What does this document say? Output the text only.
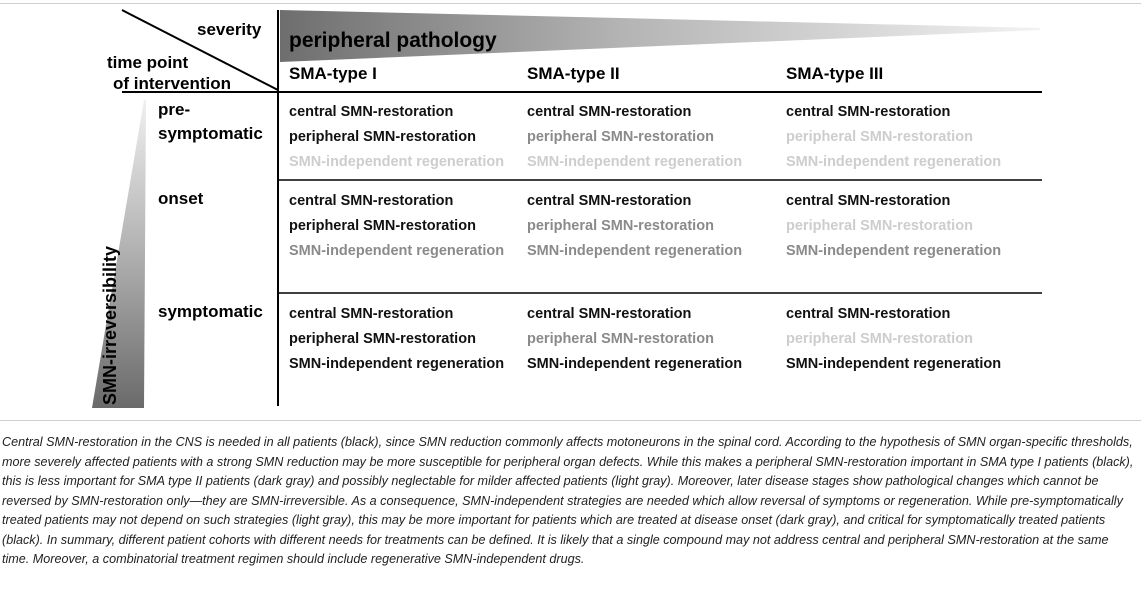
severity
time point
of intervention
peripheral pathology
SMA-type I	SMA-type II	SMA-type III
SMN-irreversibility
pre-
symptomatic
onset
symptomatic
central SMN-restoration
peripheral SMN-restoration
SMN-independent regeneration
central SMN-restoration
peripheral SMN-restoration
SMN-independent regeneration
central SMN-restoration
peripheral SMN-restoration
SMN-independent regeneration
central SMN-restoration
peripheral SMN-restoration
SMN-independent regeneration
central SMN-restoration
peripheral SMN-restoration
SMN-independent regeneration
central SMN-restoration
peripheral SMN-restoration
SMN-independent regeneration
central SMN-restoration
peripheral SMN-restoration
SMN-independent regeneration
central SMN-restoration
peripheral SMN-restoration
SMN-independent regeneration
central SMN-restoration
peripheral SMN-restoration
SMN-independent regeneration
Central SMN-restoration in the CNS is needed in all patients (black), since SMN reduction commonly affects motoneurons in the spinal cord. According to the hypothesis of SMN organ-specific thresholds, more severely affected patients with a strong SMN reduction may be more susceptible for peripheral organ defects. While this makes a peripheral SMN-restoration important in SMA type I patients (black), this is less important for SMA type II patients (dark gray) and possibly neglectable for milder affected patients (light gray). Moreover, later disease stages show pathological changes which cannot be reversed by SMN-restoration only—they are SMN-irreversible. As a consequence, SMN-independent strategies are needed which allow reversal of symptoms or regeneration. While pre-symptomatically treated patients may not depend on such strategies (light gray), this may be more important for patients which are treated at disease onset (dark gray), and critical for symptomatically treated patients (black). In summary, different patient cohorts with different needs for treatments can be defined. It is likely that a single compound may not address central and peripheral SMN-restoration at the same time. Moreover, a combinatorial treatment regimen should include regenerative SMN-independent drugs.
